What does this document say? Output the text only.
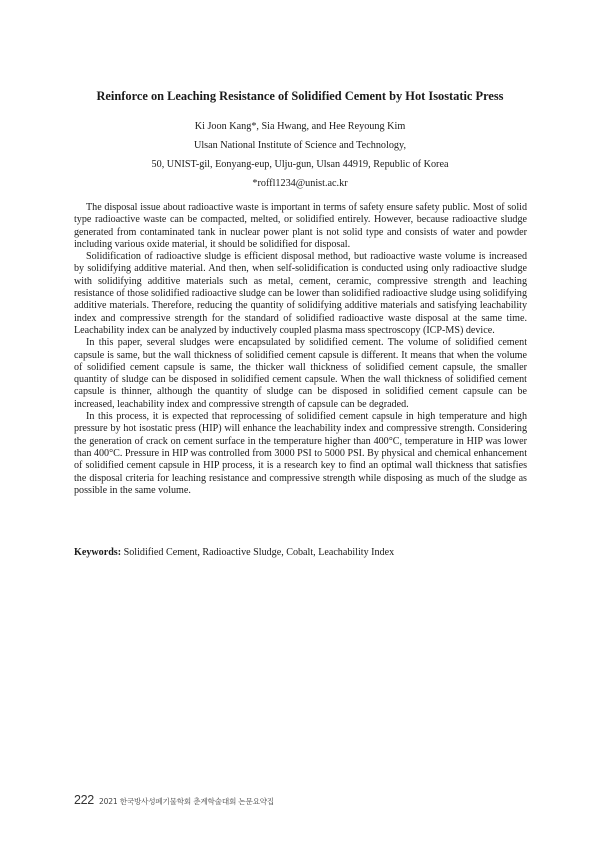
Reinforce on Leaching Resistance of Solidified Cement by Hot Isostatic Press
Ki Joon Kang*, Sia Hwang, and Hee Reyoung Kim
Ulsan National Institute of Science and Technology,
50, UNIST-gil, Eonyang-eup, Ulju-gun, Ulsan 44919, Republic of Korea
*roffl1234@unist.ac.kr

The disposal issue about radioactive waste is important in terms of safety ensure safety public. Most of solid type radioactive waste can be compacted, melted, or solidified entirely. However, because radioactive sludge generated from contaminated tank in nuclear power plant is not solid type and consists of water and powder including various oxide material, it should be solidified for disposal.

Solidification of radioactive sludge is efficient disposal method, but radioactive waste volume is increased by solidifying additive material. And then, when self-solidification is conducted using only radioactive sludge with solidifying additive materials such as metal, cement, ceramic, compressive strength and leaching resistance of those solidified radioactive sludge can be lower than solidified radioactive sludge using solidifying additive materials. Therefore, reducing the quantity of solidifying additive materials and satisfying leachability index and compressive strength for the standard of solidified radioactive waste disposal at the same time. Leachability index can be analyzed by inductively coupled plasma mass spectroscopy (ICP-MS) device.

In this paper, several sludges were encapsulated by solidified cement. The volume of solidified cement capsule is same, but the wall thickness of solidified cement capsule is different. It means that when the volume of solidified cement capsule is same, the thicker wall thickness of solidified cement capsule, the smaller quantity of sludge can be disposed in solidified cement capsule. When the wall thickness of solidified cement capsule is thinner, although the quantity of sludge can be disposed in solidified cement capsule can be increased, leachability index and compressive strength of capsule can be degraded.

In this process, it is expected that reprocessing of solidified cement capsule in high temperature and high pressure by hot isostatic press (HIP) will enhance the leachability index and compressive strength. Considering the generation of crack on cement surface in the temperature higher than 400°C, temperature in HIP was lower than 400°C. Pressure in HIP was controlled from 3000 PSI to 5000 PSI. By physical and chemical enhancement of solidified cement capsule in HIP process, it is a research key to find an optimal wall thickness that satisfies the disposal criteria for leaching resistance and compressive strength while disposing as much of the sludge as possible in the same volume.

Keywords: Solidified Cement, Radioactive Sludge, Cobalt, Leachability Index
222 2021 한국방사성폐기물학회 춘계학술대회 논문요약집
